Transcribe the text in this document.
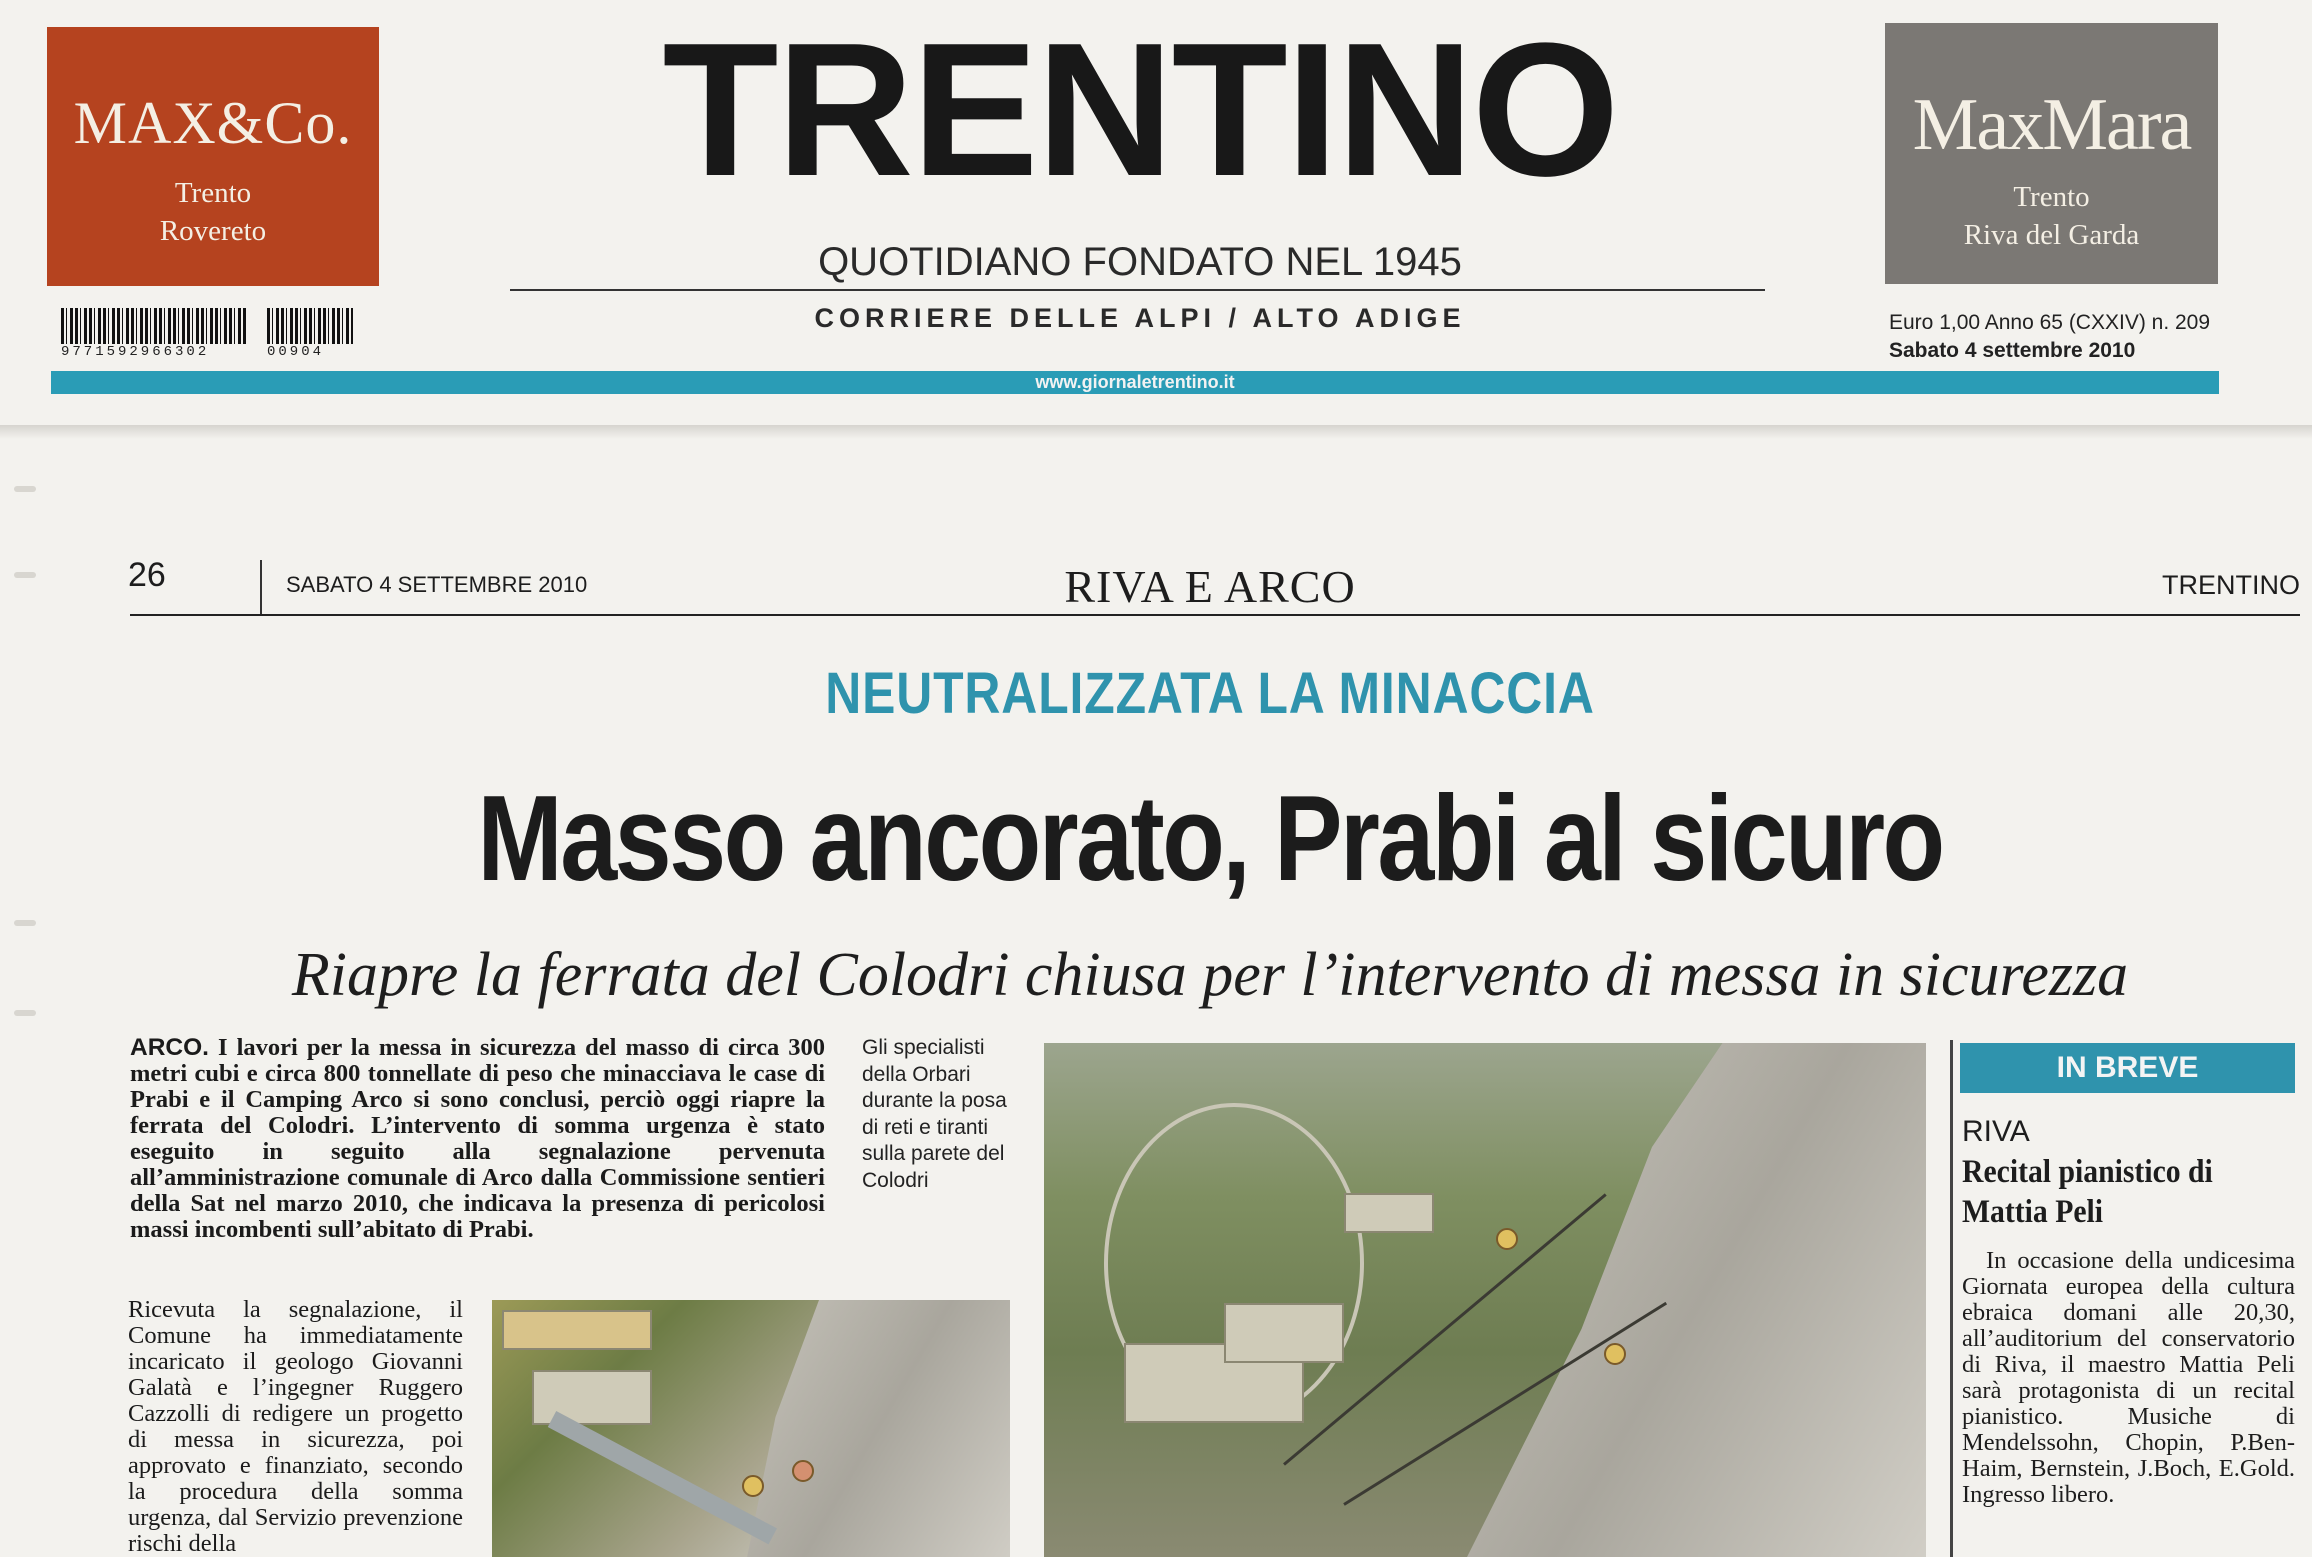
MAX&Co.
Trento
Rovereto
9771592966302	00904
TRENTINO
QUOTIDIANO FONDATO NEL 1945
CORRIERE DELLE ALPI / ALTO ADIGE
MaxMara
Trento
Riva del Garda
Euro 1,00 Anno 65 (CXXIV) n. 209
Sabato 4 settembre 2010
www.giornaletrentino.it
26	SABATO 4 SETTEMBRE 2010	RIVA E ARCO	TRENTINO
NEUTRALIZZATA LA MINACCIA
Masso ancorato, Prabi al sicuro
Riapre la ferrata del Colodri chiusa per l’intervento di messa in sicurezza
ARCO. I lavori per la messa in sicurezza del masso di circa 300 metri cubi e circa 800 tonnellate di peso che minacciava le case di Prabi e il Camping Arco si sono conclusi, perciò oggi riapre la ferrata del Colodri. L’intervento di somma urgenza è stato eseguito in seguito alla segnalazione pervenuta all’amministrazione comunale di Arco dalla Commissione sentieri della Sat nel marzo 2010, che indicava la presenza di pericolosi massi incombenti sull’abitato di Prabi.
Gli specialisti della Orbari durante la posa di reti e tiranti sulla parete del Colodri
Ricevuta la segnalazione, il Comune ha immediatamente incaricato il geologo Giovanni Galatà e l’ingegner Ruggero Cazzolli di redigere un progetto di messa in sicurezza, poi approvato e finanziato, secondo la procedura della somma urgenza, dal Servizio prevenzione rischi della
IN BREVE
RIVA
Recital pianistico di Mattia Peli
In occasione della undicesima Giornata europea della cultura ebraica domani alle 20,30, all’auditorium del conservatorio di Riva, il maestro Mattia Peli sarà protagonista di un recital pianistico. Musiche di Mendelssohn, Chopin, P.Ben-Haim, Bernstein, J.Boch, E.Gold. Ingresso libero.
